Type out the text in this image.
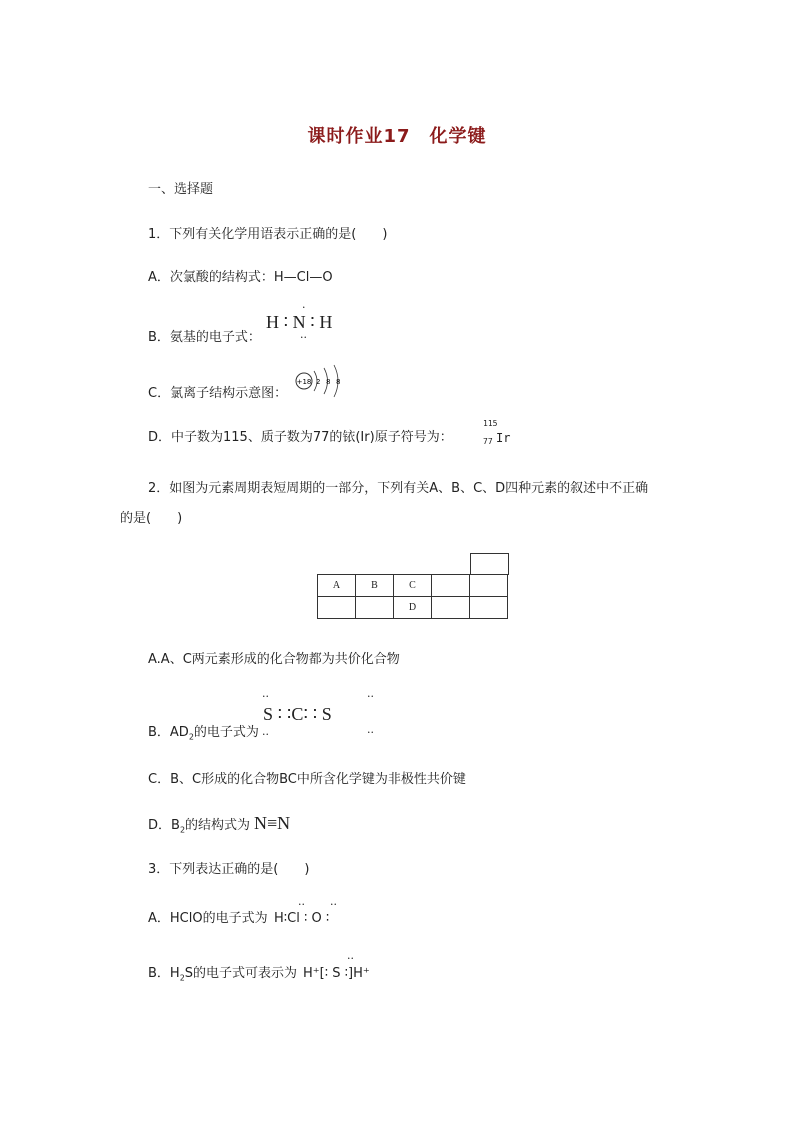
课时作业17　化学键
一、选择题
1．下列有关化学用语表示正确的是(　　)
A．次氯酸的结构式：H—Cl—O
B．氨基的电子式：
H ∶ N ∶ H
·
··
C．氯离子结构示意图：
+18 2 8 8
D．中子数为115、质子数为77的铱(Ir)原子符号为：
115
77 Ir
2．如图为元素周期表短周期的一部分，下列有关A、B、C、D四种元素的叙述中不正确
的是(　　)
A	B	C		
		D		
A.A、C两元素形成的化合物都为共价化合物
B．$AD_2$的电子式为
S ∶ ∶C∶ ∶ S
··	··
··	··
C．B、C形成的化合物BC中所含化学键为非极性共价键
D．$B_2$的结构式为 N≡N
3．下列表达正确的是(　　)
A．HClO的电子式为 H∶Cl ∶ O ∶
·· ··
B．$H_2S$的电子式可表示为 H⁺[∶ S ∶]H⁺
··
